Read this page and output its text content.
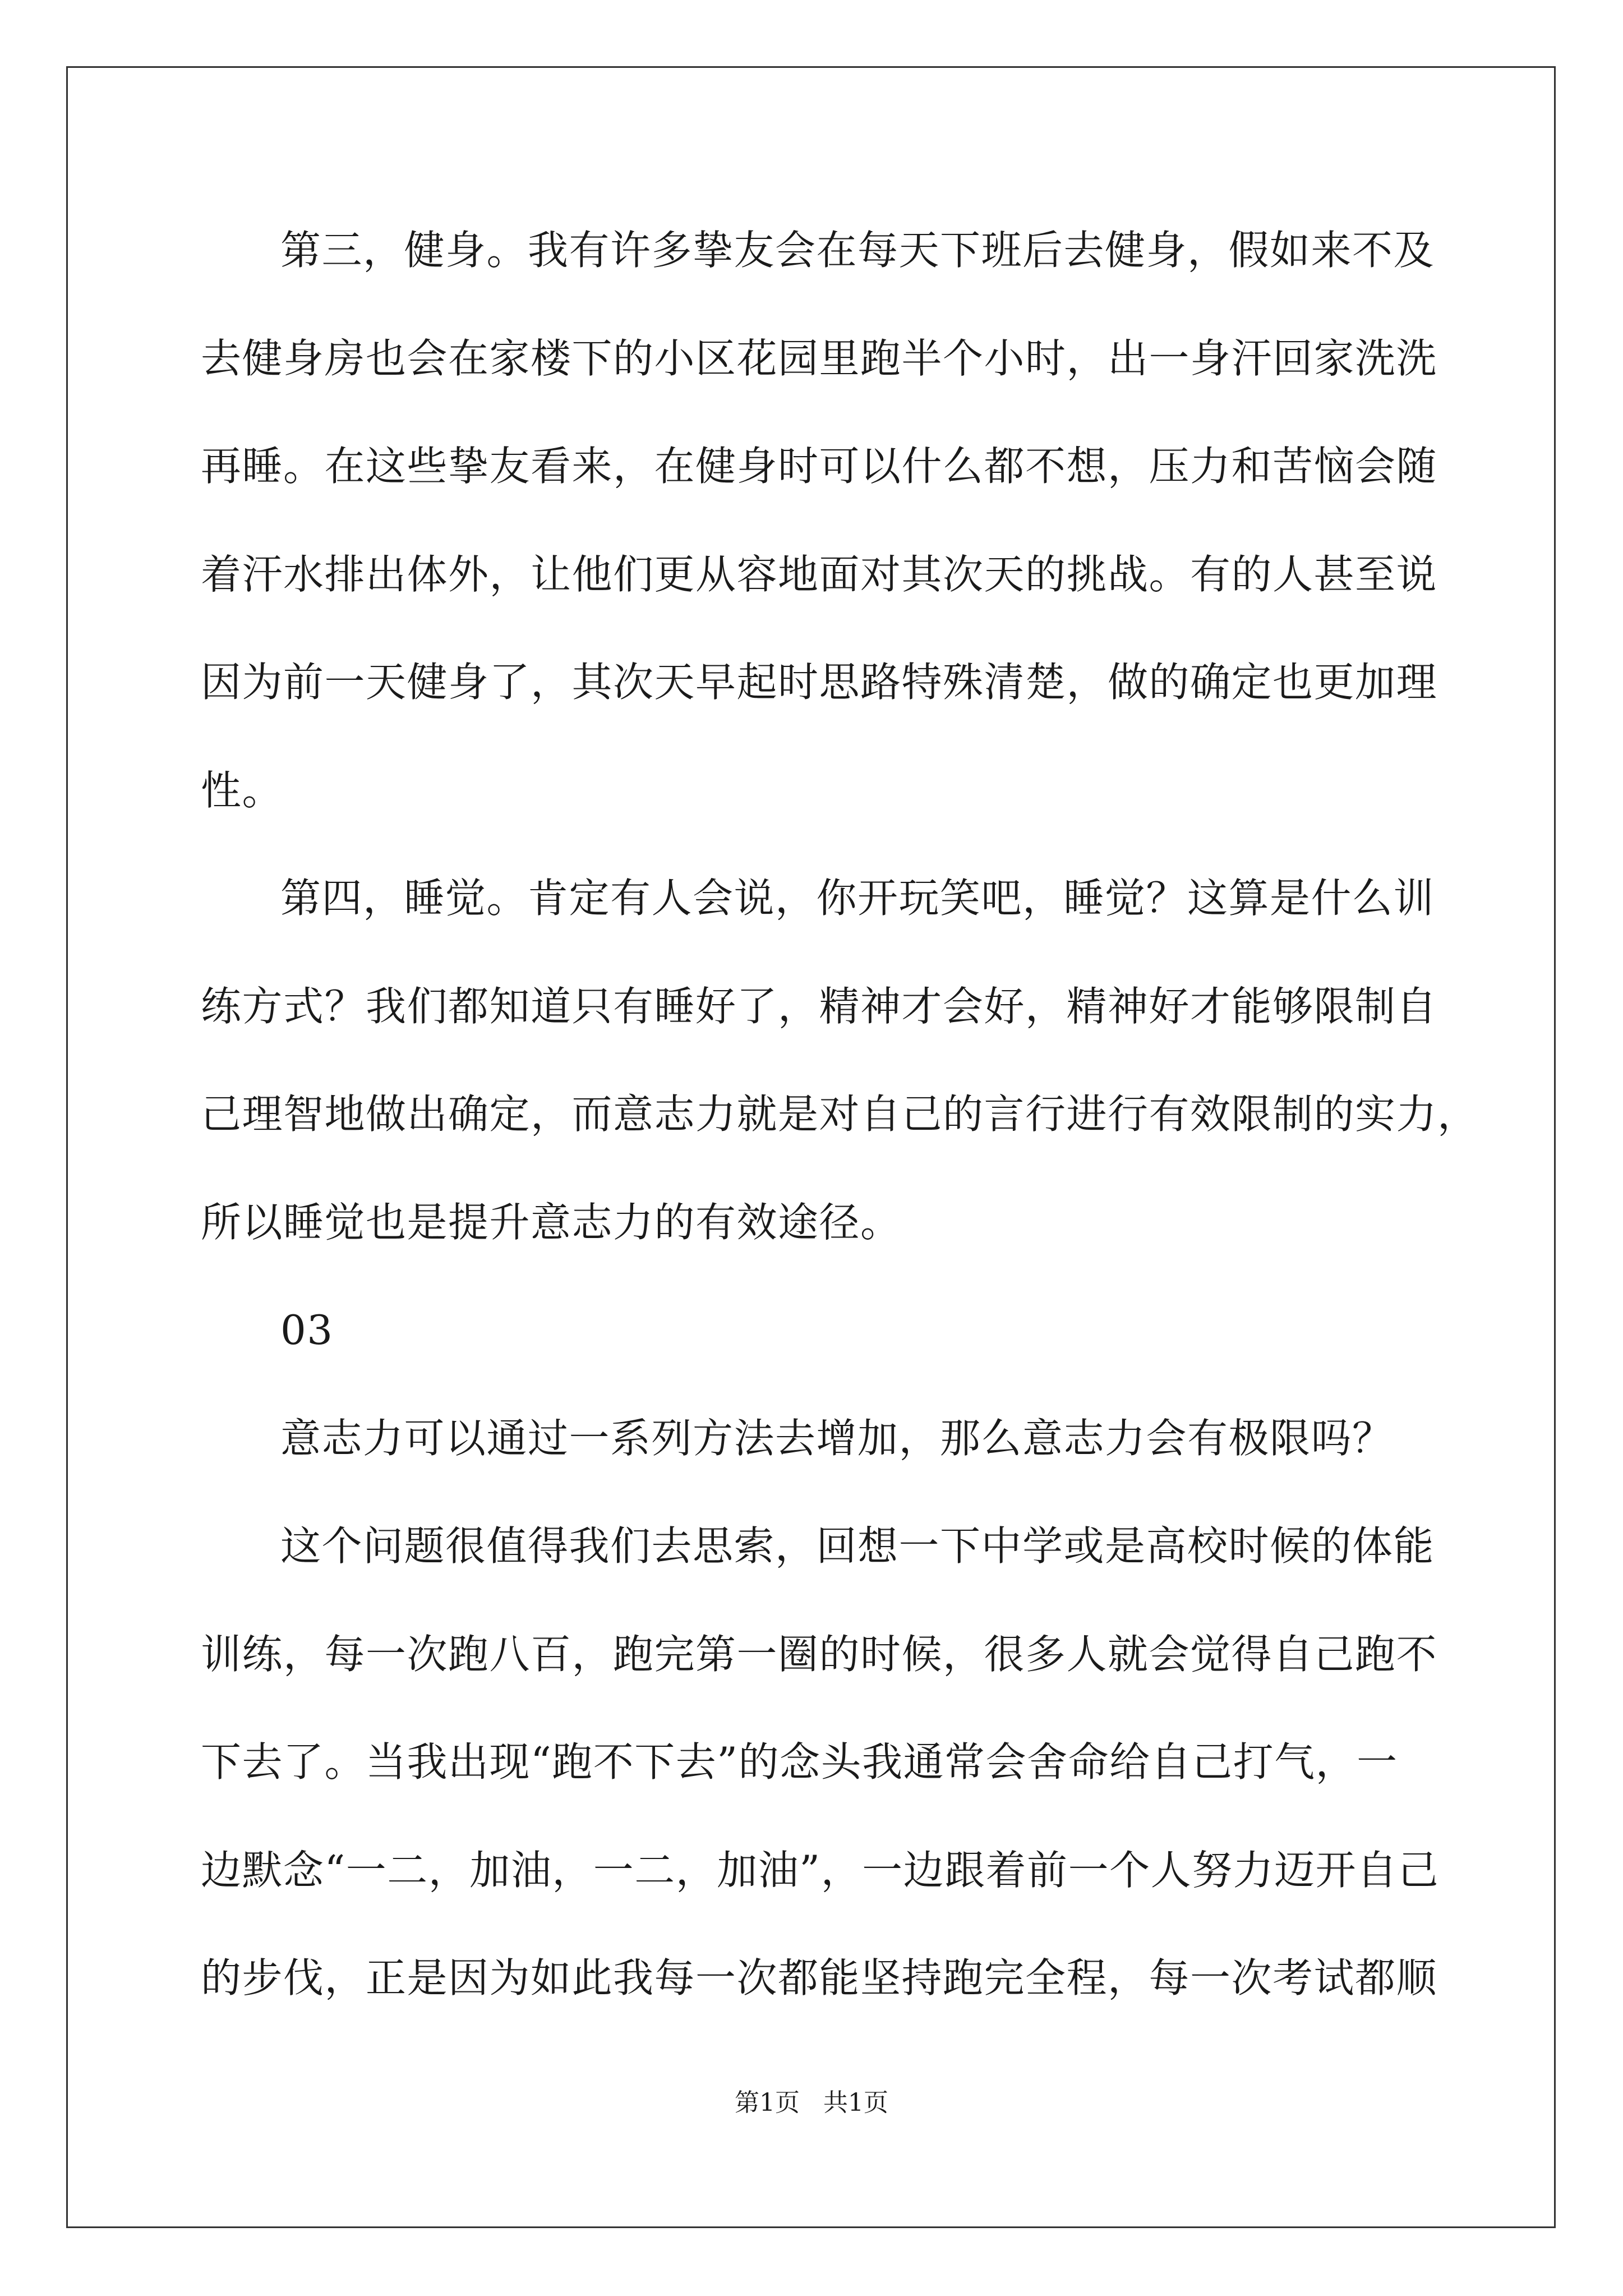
第三，健身。我有许多挚友会在每天下班后去健身，假如来不及
去健身房也会在家楼下的小区花园里跑半个小时，出一身汗回家洗洗
再睡。在这些挚友看来，在健身时可以什么都不想，压力和苦恼会随
着汗水排出体外，让他们更从容地面对其次天的挑战。有的人甚至说
因为前一天健身了，其次天早起时思路特殊清楚，做的确定也更加理
性。
第四，睡觉。肯定有人会说，你开玩笑吧，睡觉？这算是什么训
练方式？我们都知道只有睡好了，精神才会好，精神好才能够限制自
己理智地做出确定，而意志力就是对自己的言行进行有效限制的实力，
所以睡觉也是提升意志力的有效途径。
03
意志力可以通过一系列方法去增加，那么意志力会有极限吗？
这个问题很值得我们去思索，回想一下中学或是高校时候的体能
训练，每一次跑八百，跑完第一圈的时候，很多人就会觉得自己跑不
下去了。当我出现“跑不下去”的念头我通常会舍命给自己打气，一
边默念“一二，加油，一二，加油”，一边跟着前一个人努力迈开自己
的步伐，正是因为如此我每一次都能坚持跑完全程，每一次考试都顺
第1页   共1页
